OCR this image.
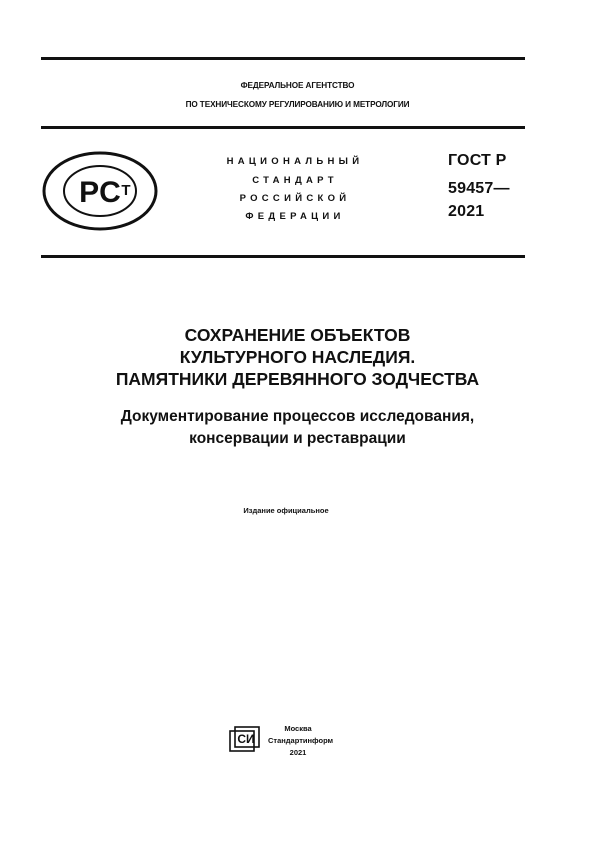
ФЕДЕРАЛЬНОЕ АГЕНТСТВО
ПО ТЕХНИЧЕСКОМУ РЕГУЛИРОВАНИЮ И МЕТРОЛОГИИ
PC T
НАЦИОНАЛЬНЫЙ
СТАНДАРТ
РОССИЙСКОЙ
ФЕДЕРАЦИИ
ГОСТ Р
59457—
2021
СОХРАНЕНИЕ ОБЪЕКТОВ
КУЛЬТУРНОГО НАСЛЕДИЯ.
ПАМЯТНИКИ ДЕРЕВЯННОГО ЗОДЧЕСТВА
Документирование процессов исследования,
консервации и реставрации
Издание официальное
СИ
Москва
Стандартинформ
2021
